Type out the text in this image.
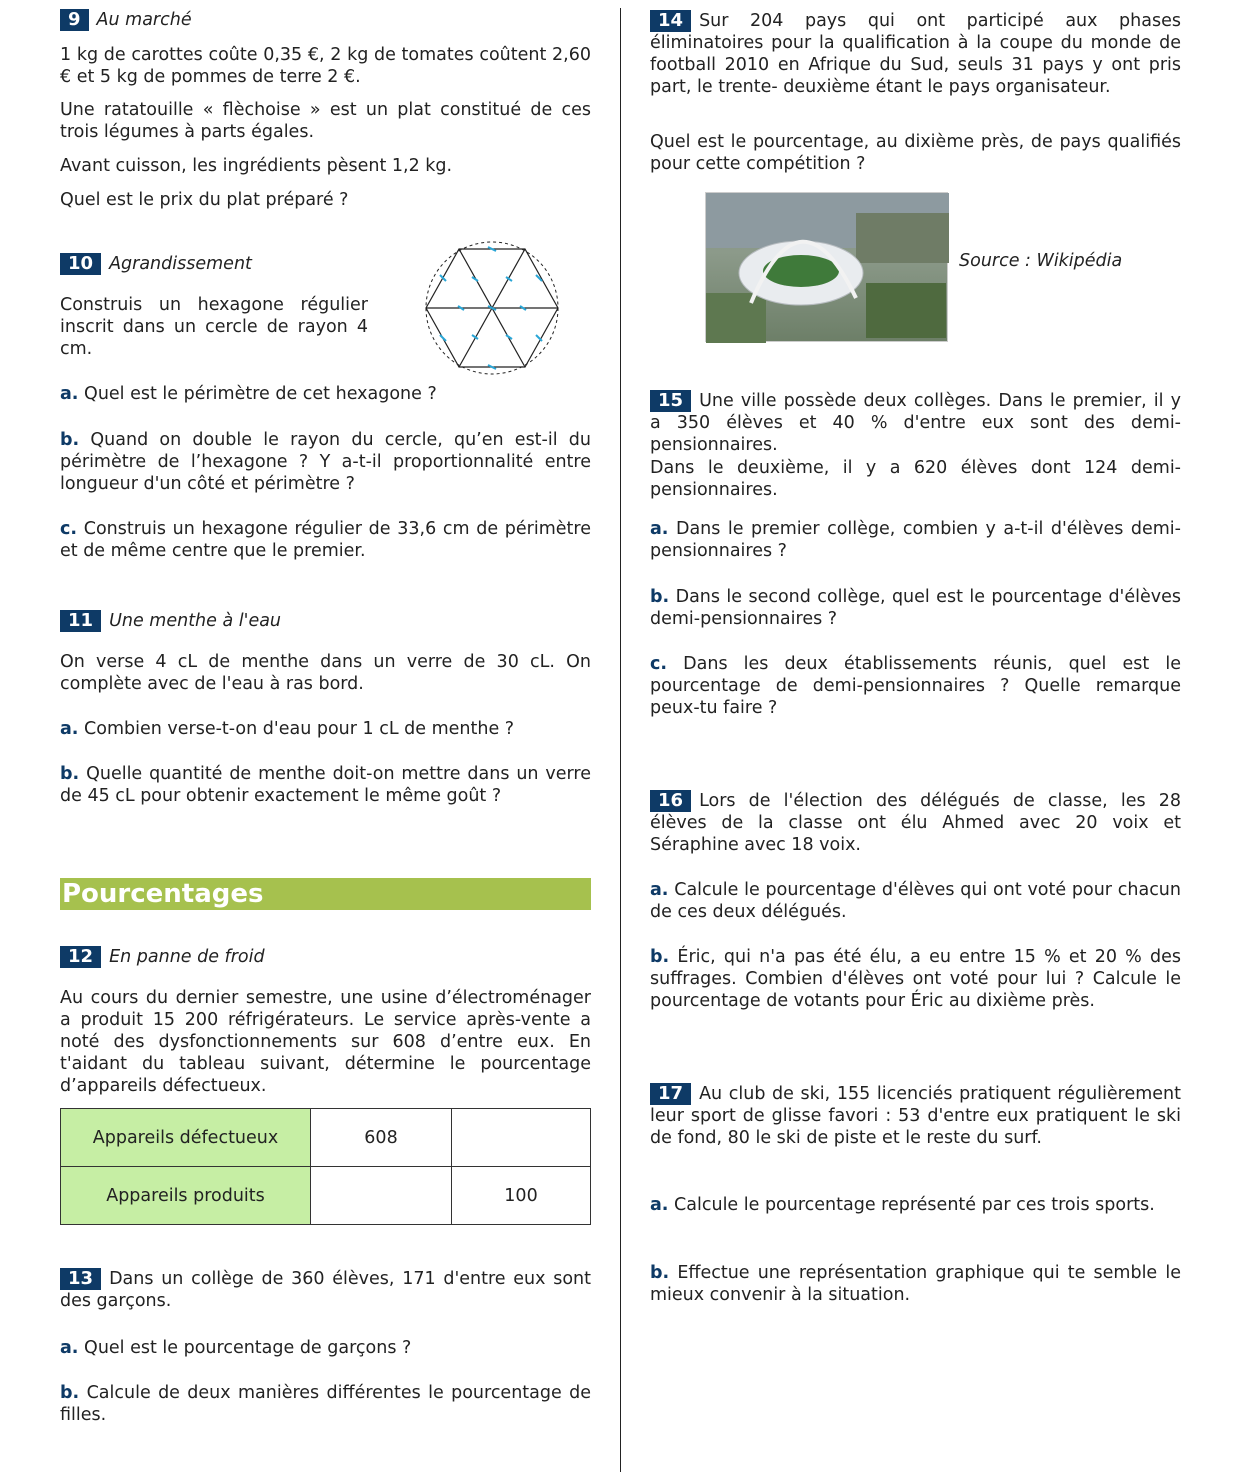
9 Au marché

1 kg de carottes coûte 0,35 €, 2 kg de tomates coûtent 2,60 € et 5 kg de pommes de terre 2 €.

Une ratatouille « flèchoise » est un plat constitué de ces trois légumes à parts égales.

Avant cuisson, les ingrédients pèsent 1,2 kg.

Quel est le prix du plat préparé ?

10 Agrandissement

Construis un hexagone régulier inscrit dans un cercle de rayon 4 cm.

a. Quel est le périmètre de cet hexagone ?

b. Quand on double le rayon du cercle, qu’en est-il du périmètre de l’hexagone ? Y a-t-il proportionnalité entre longueur d'un côté et périmètre ?

c. Construis un hexagone régulier de 33,6 cm de périmètre et de même centre que le premier.

11 Une menthe à l'eau

On verse 4 cL de menthe dans un verre de 30 cL. On complète avec de l'eau à ras bord.

a. Combien verse-t-on d'eau pour 1 cL de menthe ?

b. Quelle quantité de menthe doit-on mettre dans un verre de 45 cL pour obtenir exactement le même goût ?

Pourcentages
12 En panne de froid

Au cours du dernier semestre, une usine d’électroménager a produit 15 200 réfrigérateurs. Le service après-vente a noté des dysfonctionnements sur 608 d’entre eux. En t'aidant du tableau suivant, détermine le pourcentage d’appareils défectueux.

Appareils défectueux	608	
Appareils produits		100

13 Dans un collège de 360 élèves, 171 d'entre eux sont des garçons.

a. Quel est le pourcentage de garçons ?

b. Calcule de deux manières différentes le pourcentage de filles.

14 Sur 204 pays qui ont participé aux phases éliminatoires pour la qualification à la coupe du monde de football 2010 en Afrique du Sud, seuls 31 pays y ont pris part, le trente- deuxième étant le pays organisateur.

Quel est le pourcentage, au dixième près, de pays qualifiés pour cette compétition ?

Source : Wikipédia

15 Une ville possède deux collèges. Dans le premier, il y a 350 élèves et 40 % d'entre eux sont des demi-pensionnaires.

Dans le deuxième, il y a 620 élèves dont 124 demi-pensionnaires.

a. Dans le premier collège, combien y a-t-il d'élèves demi-pensionnaires ?

b. Dans le second collège, quel est le pourcentage d'élèves demi-pensionnaires ?

c. Dans les deux établissements réunis, quel est le pourcentage de demi-pensionnaires ? Quelle remarque peux-tu faire ?

16 Lors de l'élection des délégués de classe, les 28 élèves de la classe ont élu Ahmed avec 20 voix et Séraphine avec 18 voix.

a. Calcule le pourcentage d'élèves qui ont voté pour chacun de ces deux délégués.

b. Éric, qui n'a pas été élu, a eu entre 15 % et 20 % des suffrages. Combien d'élèves ont voté pour lui ? Calcule le pourcentage de votants pour Éric au dixième près.

17 Au club de ski, 155 licenciés pratiquent régulièrement leur sport de glisse favori : 53 d'entre eux pratiquent le ski de fond, 80 le ski de piste et le reste du surf.

a. Calcule le pourcentage représenté par ces trois sports.

b. Effectue une représentation graphique qui te semble le mieux convenir à la situation.
